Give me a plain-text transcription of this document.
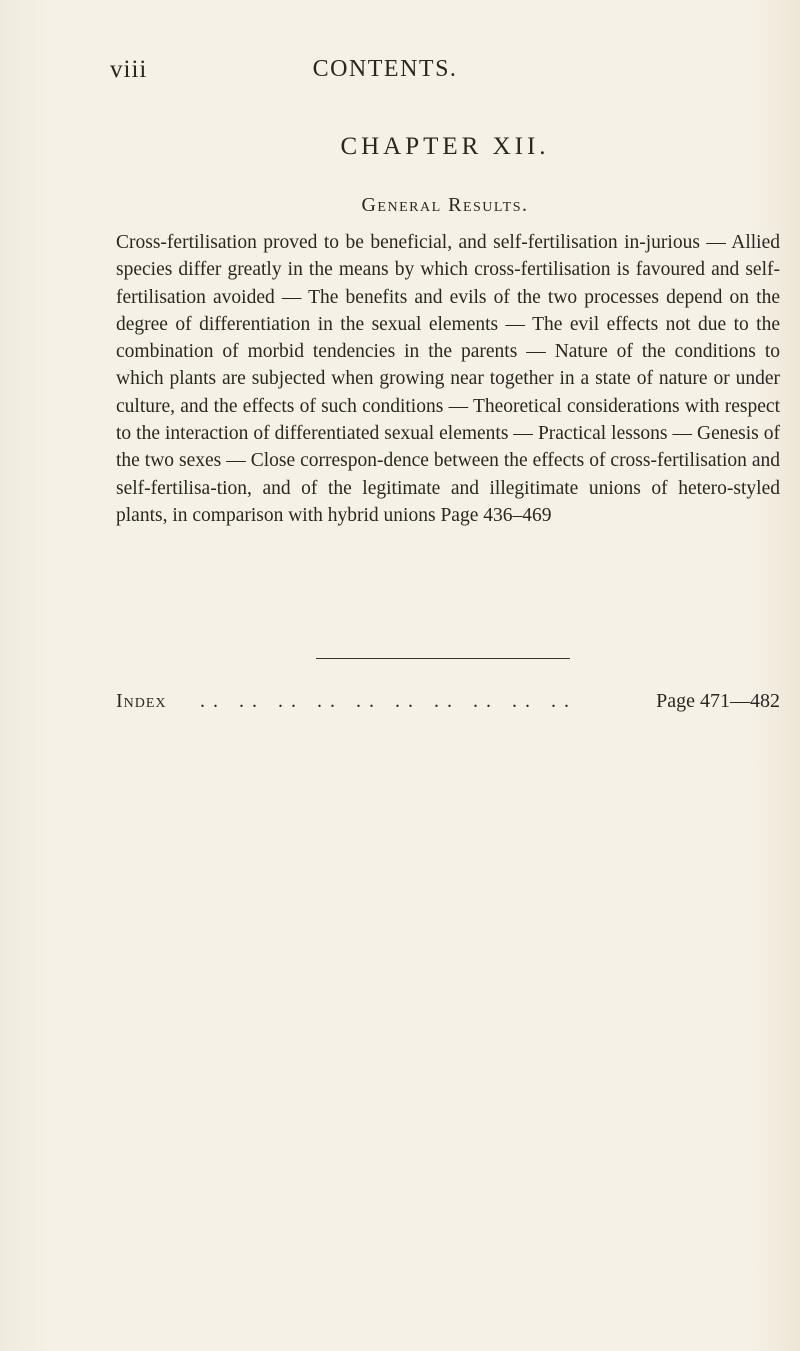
viii	CONTENTS.
CHAPTER XII.
General Results.

Cross-fertilisation proved to be beneficial, and self-fertilisation in-jurious — Allied species differ greatly in the means by which cross-fertilisation is favoured and self-fertilisation avoided — The benefits and evils of the two processes depend on the degree of differentiation in the sexual elements — The evil effects not due to the combination of morbid tendencies in the parents — Nature of the conditions to which plants are subjected when growing near together in a state of nature or under culture, and the effects of such conditions — Theoretical considerations with respect to the interaction of differentiated sexual elements — Practical lessons — Genesis of the two sexes — Close correspon-dence between the effects of cross-fertilisation and self-fertilisa-tion, and of the legitimate and illegitimate unions of hetero-styled plants, in comparison with hybrid unions Page 436–469

Index .. .. .. .. .. .. .. .. .. ..	Page 471—482
